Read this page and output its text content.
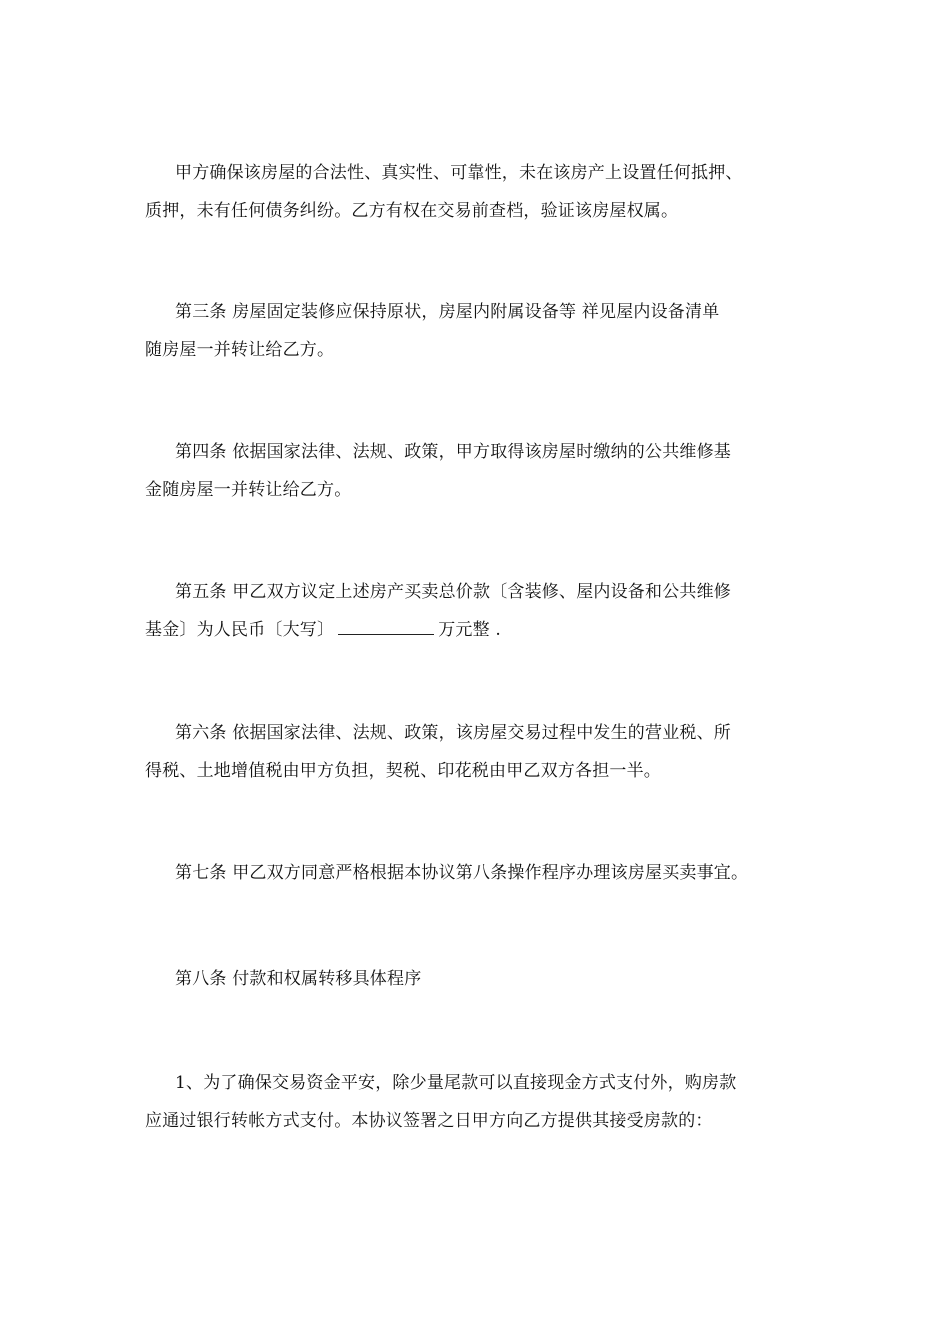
甲方确保该房屋的合法性、真实性、可靠性，未在该房产上设置任何抵押、
质押，未有任何债务纠纷。乙方有权在交易前查档，验证该房屋权属。
第三条 房屋固定装修应保持原状，房屋内附属设备等 祥见屋内设备清单
随房屋一并转让给乙方。
第四条 依据国家法律、法规、政策，甲方取得该房屋时缴纳的公共维修基
金随房屋一并转让给乙方。
第五条 甲乙双方议定上述房产买卖总价款〔含装修、屋内设备和公共维修
基金〕为人民币〔大写〕	万元整 .
第六条 依据国家法律、法规、政策，该房屋交易过程中发生的营业税、所
得税、土地增值税由甲方负担，契税、印花税由甲乙双方各担一半。
第七条 甲乙双方同意严格根据本协议第八条操作程序办理该房屋买卖事宜。
第八条 付款和权属转移具体程序
1、为了确保交易资金平安，除少量尾款可以直接现金方式支付外，购房款
应通过银行转帐方式支付。本协议签署之日甲方向乙方提供其接受房款的：
